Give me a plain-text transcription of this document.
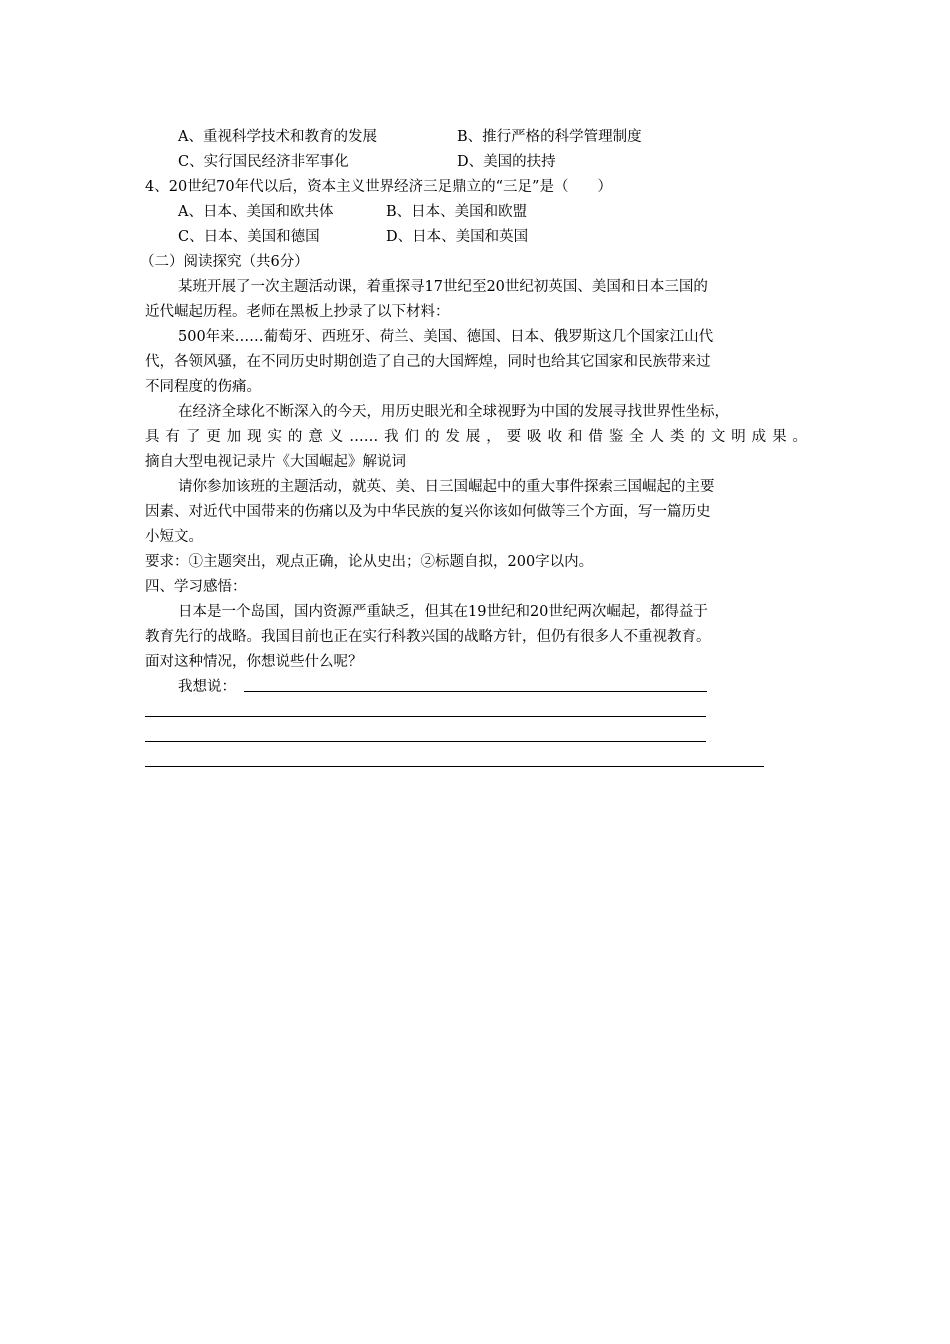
A、重视科学技术和教育的发展	B、推行严格的科学管理制度
C、实行国民经济非军事化	D、美国的扶持
4、20世纪70年代以后，资本主义世界经济三足鼎立的“三足”是（　　）
A、日本、美国和欧共体	B、日本、美国和欧盟
C、日本、美国和德国	D、日本、美国和英国
（二）阅读探究（共6分）
某班开展了一次主题活动课，着重探寻17世纪至20世纪初英国、美国和日本三国的
近代崛起历程。老师在黑板上抄录了以下材料：
500年来……葡萄牙、西班牙、荷兰、美国、德国、日本、俄罗斯这几个国家江山代
代，各领风骚，在不同历史时期创造了自己的大国辉煌，同时也给其它国家和民族带来过
不同程度的伤痛。
在经济全球化不断深入的今天，用历史眼光和全球视野为中国的发展寻找世界性坐标，
具有了更加现实的意义……我们的发展，要吸收和借鉴全人类的文明成果。
摘自大型电视记录片《大国崛起》解说词
请你参加该班的主题活动，就英、美、日三国崛起中的重大事件探索三国崛起的主要
因素、对近代中国带来的伤痛以及为中华民族的复兴你该如何做等三个方面，写一篇历史
小短文。
要求：①主题突出，观点正确，论从史出；②标题自拟，200字以内。
四、学习感悟：
日本是一个岛国，国内资源严重缺乏，但其在19世纪和20世纪两次崛起，都得益于
教育先行的战略。我国目前也正在实行科教兴国的战略方针，但仍有很多人不重视教育。
面对这种情况，你想说些什么呢？
我想说：
